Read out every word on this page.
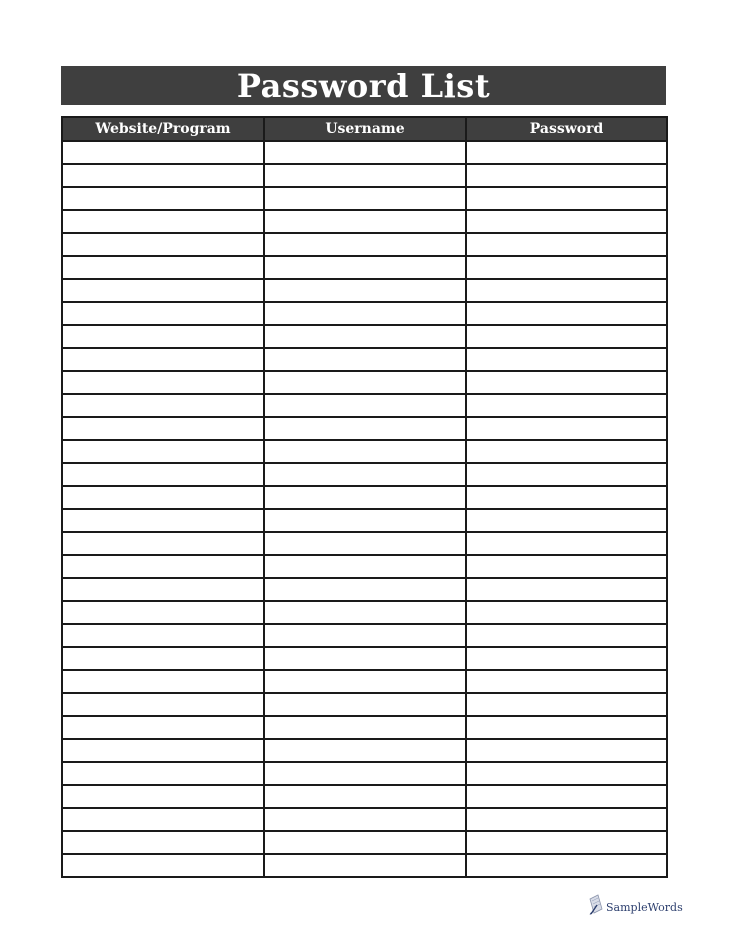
Password List
Website/Program	Username	Password

SampleWords
